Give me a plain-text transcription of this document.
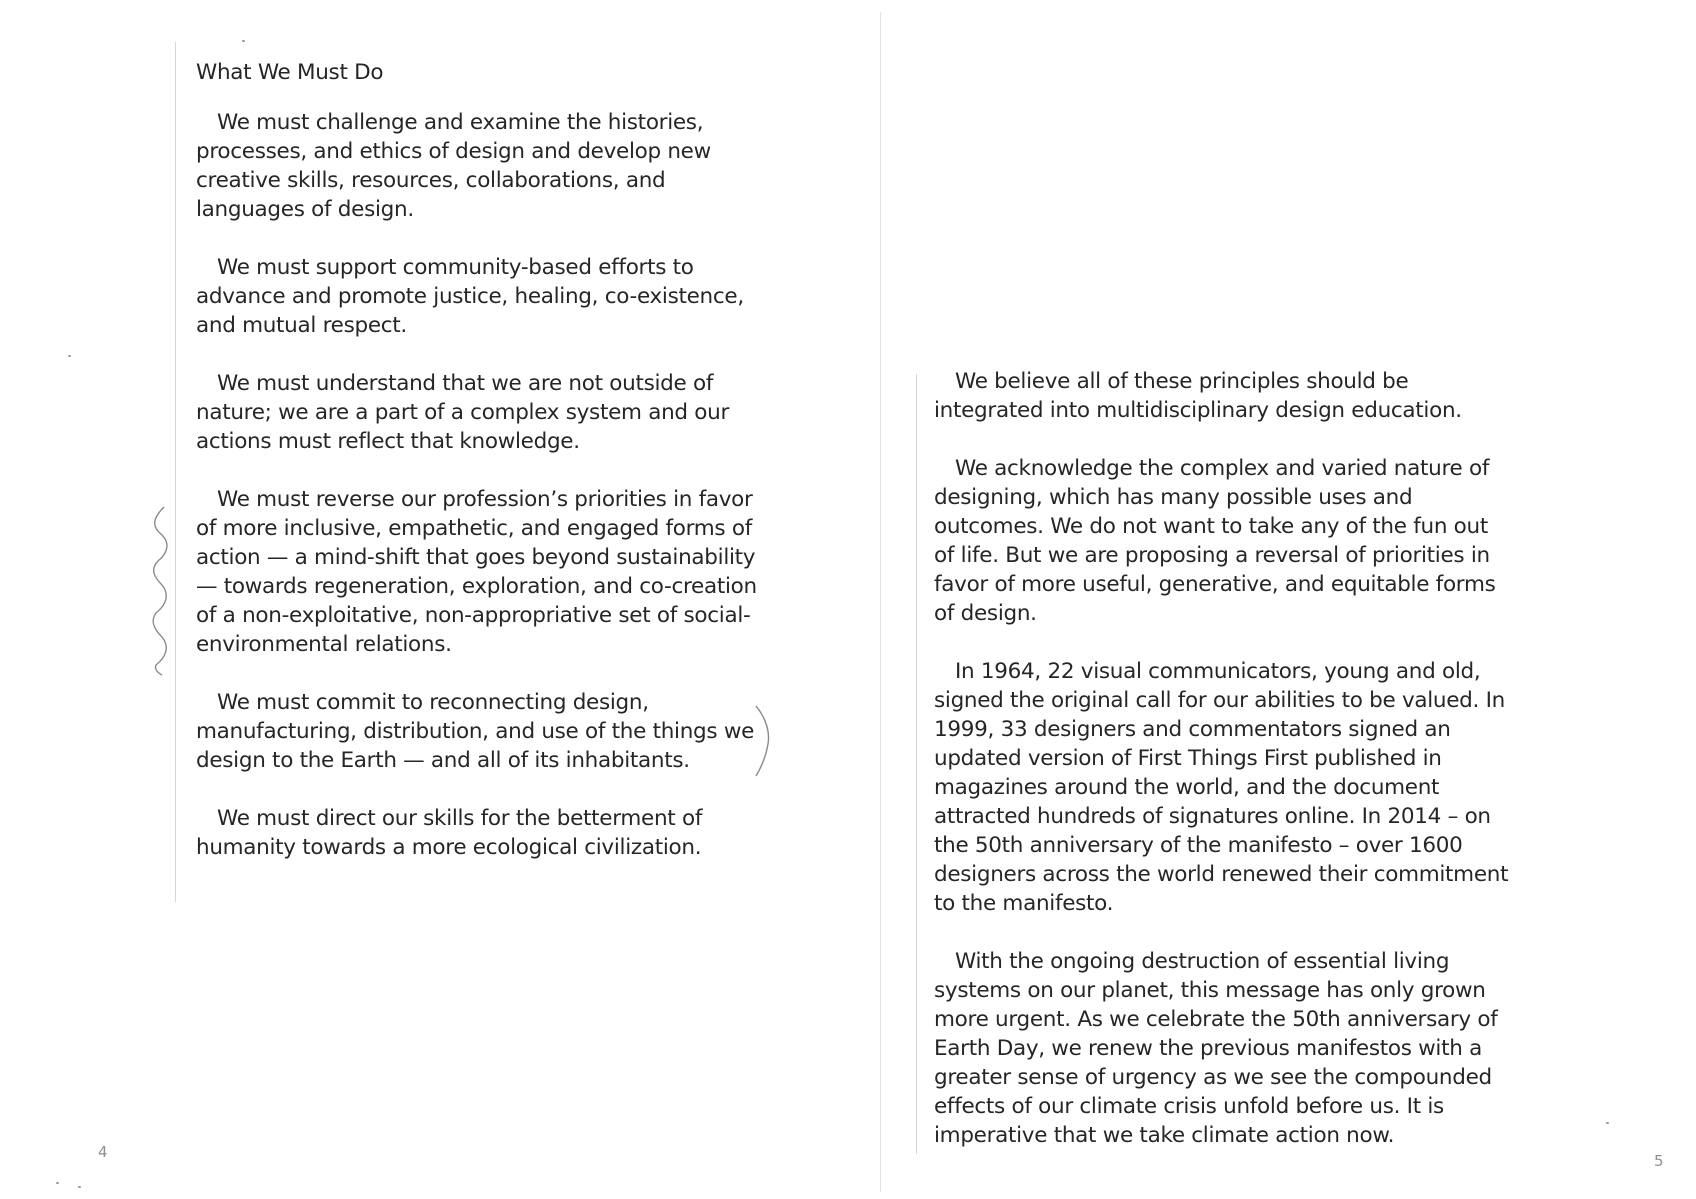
What We Must Do

We must challenge and examine the histories, processes, and ethics of design and develop new creative skills, resources, collaborations, and languages of design.

We must support community-based efforts to advance and promote justice, healing, co-existence, and mutual respect.

We must understand that we are not outside of nature; we are a part of a complex system and our actions must reflect that knowledge.

We must reverse our profession’s priorities in favor of more inclusive, empathetic, and engaged forms of action — a mind-shift that goes beyond sustainability — towards regeneration, exploration, and co-creation of a non-exploitative, non-appropriative set of social-environmental relations.

We must commit to reconnecting design, manufacturing, distribution, and use of the things we design to the Earth — and all of its inhabitants.

We must direct our skills for the betterment of humanity towards a more ecological civilization.

4

We believe all of these principles should be integrated into multidisciplinary design education.

We acknowledge the complex and varied nature of designing, which has many possible uses and outcomes. We do not want to take any of the fun out of life. But we are proposing a reversal of priorities in favor of more useful, generative, and equitable forms of design.

In 1964, 22 visual communicators, young and old, signed the original call for our abilities to be valued. In 1999, 33 designers and commentators signed an updated version of First Things First published in magazines around the world, and the document attracted hundreds of signatures online. In 2014 – on the 50th anniversary of the manifesto – over 1600 designers across the world renewed their commitment to the manifesto.

With the ongoing destruction of essential living systems on our planet, this message has only grown more urgent. As we celebrate the 50th anniversary of Earth Day, we renew the previous manifestos with a greater sense of urgency as we see the compounded effects of our climate crisis unfold before us. It is imperative that we take climate action now.

5
